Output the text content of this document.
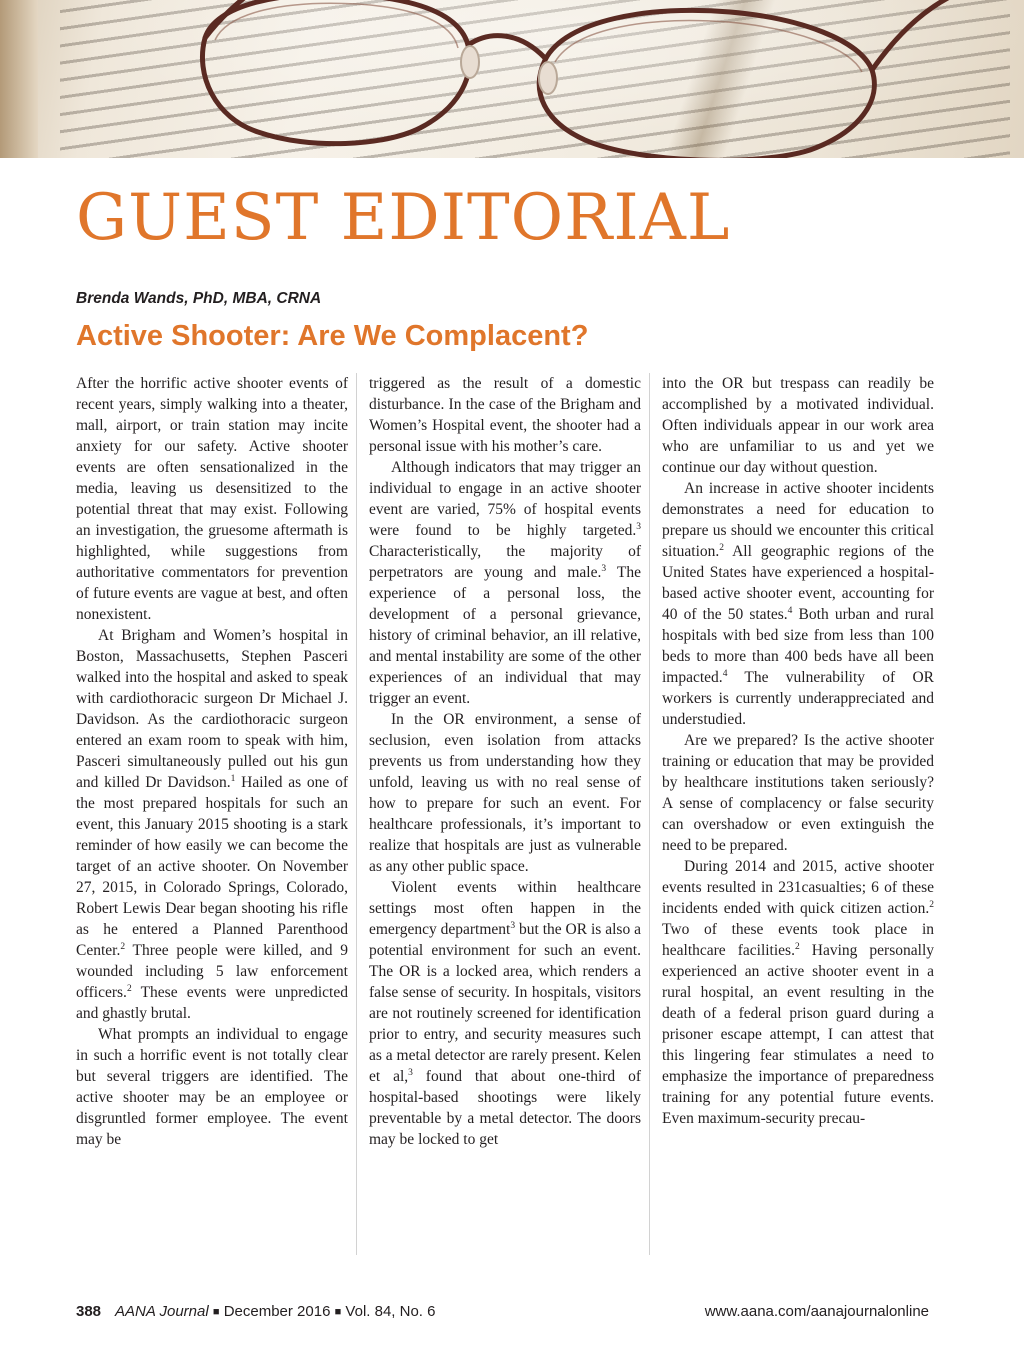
GUEST EDITORIAL
Brenda Wands, PhD, MBA, CRNA
Active Shooter: Are We Complacent?

After the horrific active shooter events of recent years, simply walking into a theater, mall, airport, or train station may incite anxiety for our safety. Active shooter events are often sensationalized in the media, leaving us desensitized to the potential threat that may exist. Following an investigation, the gruesome aftermath is highlighted, while suggestions from authoritative commentators for prevention of future events are vague at best, and often nonexistent.

At Brigham and Women’s hospital in Boston, Massachusetts, Stephen Pasceri walked into the hospital and asked to speak with cardiothoracic surgeon Dr Michael J. Davidson. As the cardiothoracic surgeon entered an exam room to speak with him, Pasceri simultaneously pulled out his gun and killed Dr Davidson.$^1$ Hailed as one of the most prepared hospitals for such an event, this January 2015 shooting is a stark reminder of how easily we can become the target of an active shooter. On November 27, 2015, in Colorado Springs, Colorado, Robert Lewis Dear began shooting his rifle as he entered a Planned Parenthood Center.$^2$ Three people were killed, and 9 wounded including 5 law enforcement officers.$^2$ These events were unpredicted and ghastly brutal.

What prompts an individual to engage in such a horrific event is not totally clear but several triggers are identified. The active shooter may be an employee or disgruntled former employee. The event may be

triggered as the result of a domestic disturbance. In the case of the Brigham and Women’s Hospital event, the shooter had a personal issue with his mother’s care.

Although indicators that may trigger an individual to engage in an active shooter event are varied, 75% of hospital events were found to be highly targeted.$^3$ Characteristically, the majority of perpetrators are young and male.$^3$ The experience of a personal loss, the development of a personal grievance, history of criminal behavior, an ill relative, and mental instability are some of the other experiences of an individual that may trigger an event.

In the OR environment, a sense of seclusion, even isolation from attacks prevents us from understanding how they unfold, leaving us with no real sense of how to prepare for such an event. For healthcare professionals, it’s important to realize that hospitals are just as vulnerable as any other public space.

Violent events within healthcare settings most often happen in the emergency department$^3$ but the OR is also a potential environment for such an event. The OR is a locked area, which renders a false sense of security. In hospitals, visitors are not routinely screened for identification prior to entry, and security measures such as a metal detector are rarely present. Kelen et al,$^3$ found that about one-third of hospital-based shootings were likely preventable by a metal detector. The doors may be locked to get

into the OR but trespass can readily be accomplished by a motivated individual. Often individuals appear in our work area who are unfamiliar to us and yet we continue our day without question.

An increase in active shooter incidents demonstrates a need for education to prepare us should we encounter this critical situation.$^2$ All geographic regions of the United States have experienced a hospital-based active shooter event, accounting for 40 of the 50 states.$^4$ Both urban and rural hospitals with bed size from less than 100 beds to more than 400 beds have all been impacted.$^4$ The vulnerability of OR workers is currently underappreciated and understudied.

Are we prepared? Is the active shooter training or education that may be provided by healthcare institutions taken seriously? A sense of complacency or false security can overshadow or even extinguish the need to be prepared.

During 2014 and 2015, active shooter events resulted in 231casualties; 6 of these incidents ended with quick citizen action.$^2$ Two of these events took place in healthcare facilities.$^2$ Having personally experienced an active shooter event in a rural hospital, an event resulting in the death of a federal prison guard during a prisoner escape attempt, I can attest that this lingering fear stimulates a need to emphasize the importance of preparedness training for any potential future events. Even maximum-security precau-

388 AANA Journal ■ December 2016 ■ Vol. 84, No. 6	www.aana.com/aanajournalonline
